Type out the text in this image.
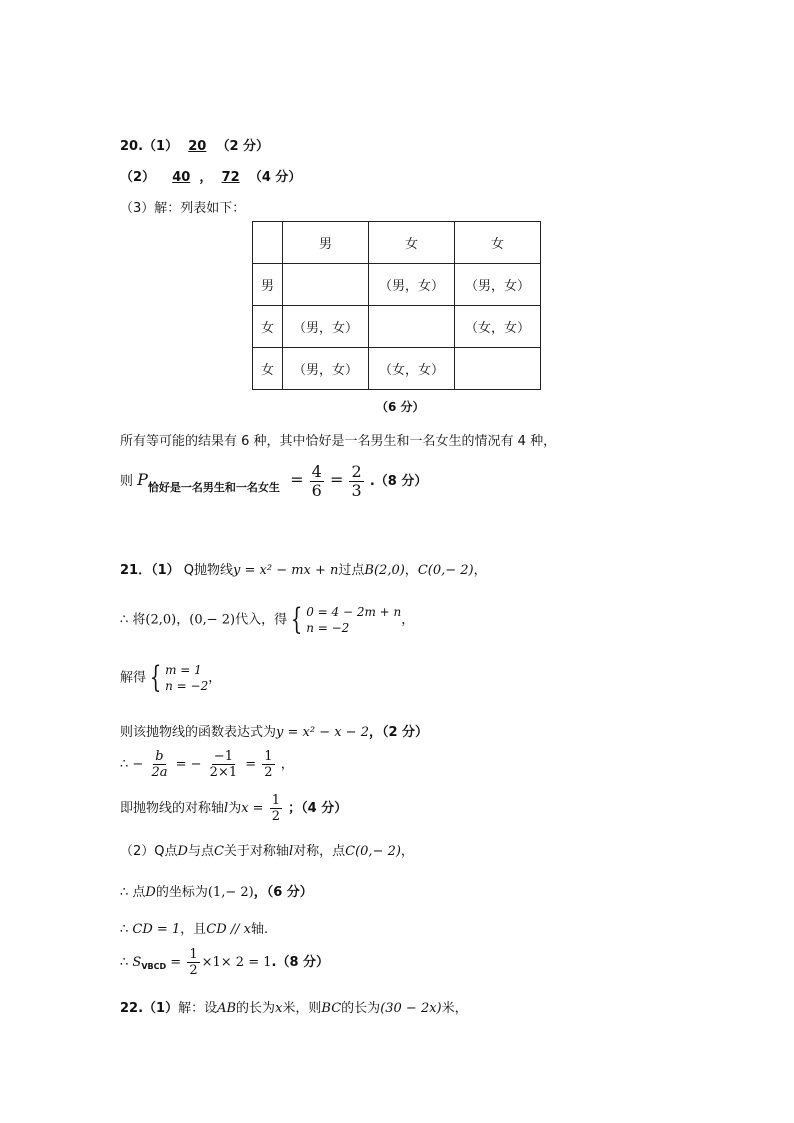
20.（1） 20 （2 分）
（2） 40 ， 72 （4 分）
（3）解：列表如下：
	男	女	女
男		（男，女）	（男，女）
女	（男，女）		（女，女）
女	（男，女）	（女，女）	
（6 分）
所有等可能的结果有 6 种，其中恰好是一名男生和一名女生的情况有 4 种，
则 $P_{恰好是一名男生和一名女生} = \frac{4}{6} = \frac{2}{3} .(8$ 分）
21．（1） Q抛物线y = x² − mx + n过点B(2,0)，C(0,− 2)，
∴ 将(2,0)，(0,− 2)代入，得 { 0 = 4 − 2m + n
n = −2
，
解得 { m = 1
n = −2
，
则该抛物线的函数表达式为y = x² − x − 2，（2 分）
∴ − $\frac{b}{2a}$ = − $\frac{-1}{2\times 1} = \frac{1}{2}$ ，
即抛物线的对称轴l为$x = \frac{1}{2}$ ；（4 分）
（2）Q点D与点C关于对称轴l对称，点C(0,− 2)，
∴ 点D的坐标为(1,− 2)，（6 分）
∴ CD = 1，且CD // x轴.
∴ $S_{VBCD} = \frac{1}{2} \times 1\times 2 = 1.(8$ 分）
22.（1）解：设AB的长为x米，则BC的长为(30 − 2x)米，
